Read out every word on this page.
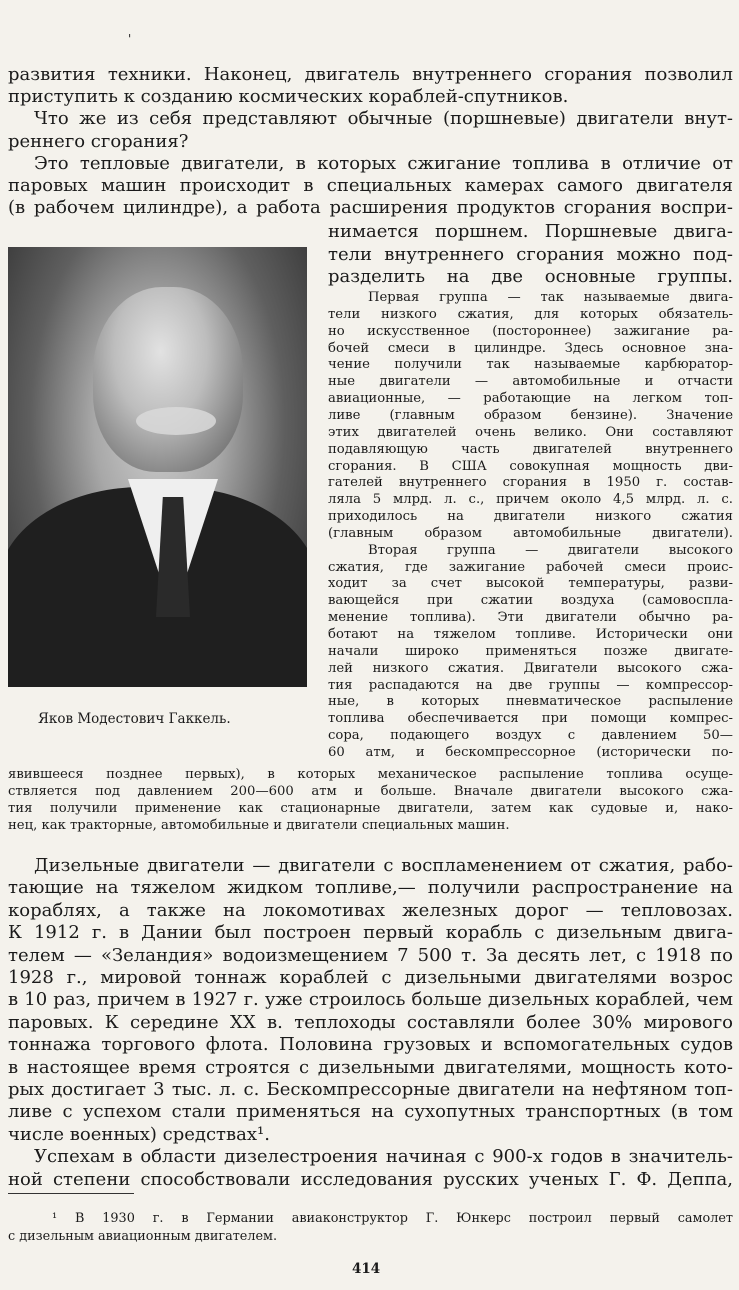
'
развития техники. Наконец, двигатель внутреннего сгорания позволил
приступить к созданию космических кораблей-спутников.
Что же из себя представляют обычные (поршневые) двигатели внут-
реннего сгорания?
Это тепловые двигатели, в которых сжигание топлива в отличие от
паровых машин происходит в специальных камерах самого двигателя
(в рабочем цилиндре), а работа расширения продуктов сгорания воспри-
нимается поршнем. Поршневые двига-
тели внутреннего сгорания можно под-
разделить на две основные группы.
Первая группа — так называемые двига-
тели низкого сжатия, для которых обязатель-
но искусственное (постороннее) зажигание ра-
бочей смеси в цилиндре. Здесь основное зна-
чение получили так называемые карбюратор-
ные двигатели — автомобильные и отчасти
авиационные, — работающие на легком топ-
ливе (главным образом бензине). Значение
этих двигателей очень велико. Они составляют
подавляющую часть двигателей внутреннего
сгорания. В США совокупная мощность дви-
гателей внутреннего сгорания в 1950 г. состав-
ляла 5 млрд. л. с., причем около 4,5 млрд. л. с.
приходилось на двигатели низкого сжатия
(главным образом автомобильные двигатели).
Вторая группа — двигатели высокого
сжатия, где зажигание рабочей смеси проис-
ходит за счет высокой температуры, разви-
вающейся при сжатии воздуха (самовоспла-
менение топлива). Эти двигатели обычно ра-
ботают на тяжелом топливе. Исторически они
начали широко применяться позже двигате-
лей низкого сжатия. Двигатели высокого сжа-
тия распадаются на две группы — компрессор-
ные, в которых пневматическое распыление
топлива обеспечивается при помощи компрес-
сора, подающего воздух с давлением 50—
60 атм, и бескомпрессорное (исторически по-
явившееся позднее первых), в которых механическое распыление топлива осуще-
ствляется под давлением 200—600 атм и больше. Вначале двигатели высокого сжа-
тия получили применение как стационарные двигатели, затем как судовые и, нако-
нец, как тракторные, автомобильные и двигатели специальных машин.
Дизельные двигатели — двигатели с воспламенением от сжатия, рабо-
тающие на тяжелом жидком топливе,— получили распространение на
кораблях, а также на локомотивах железных дорог — тепловозах.
К 1912 г. в Дании был построен первый корабль с дизельным двига-
телем — «Зеландия» водоизмещением 7 500 т. За десять лет, с 1918 по
1928 г., мировой тоннаж кораблей с дизельными двигателями возрос
в 10 раз, причем в 1927 г. уже строилось больше дизельных кораблей, чем
паровых. К середине XX в. теплоходы составляли более 30% мирового
тоннажа торгового флота. Половина грузовых и вспомогательных судов
в настоящее время строятся с дизельными двигателями, мощность кото-
рых достигает 3 тыс. л. с. Бескомпрессорные двигатели на нефтяном топ-
ливе с успехом стали применяться на сухопутных транспортных (в том
числе военных) средствах¹.
Успехам в области дизелестроения начиная с 900-х годов в значитель-
ной степени способствовали исследования русских ученых Г. Ф. Деппа,
¹ В 1930 г. в Германии авиаконструктор Г. Юнкерс построил первый самолет
с дизельным авиационным двигателем.
Яков Модестович Гаккель.
414
